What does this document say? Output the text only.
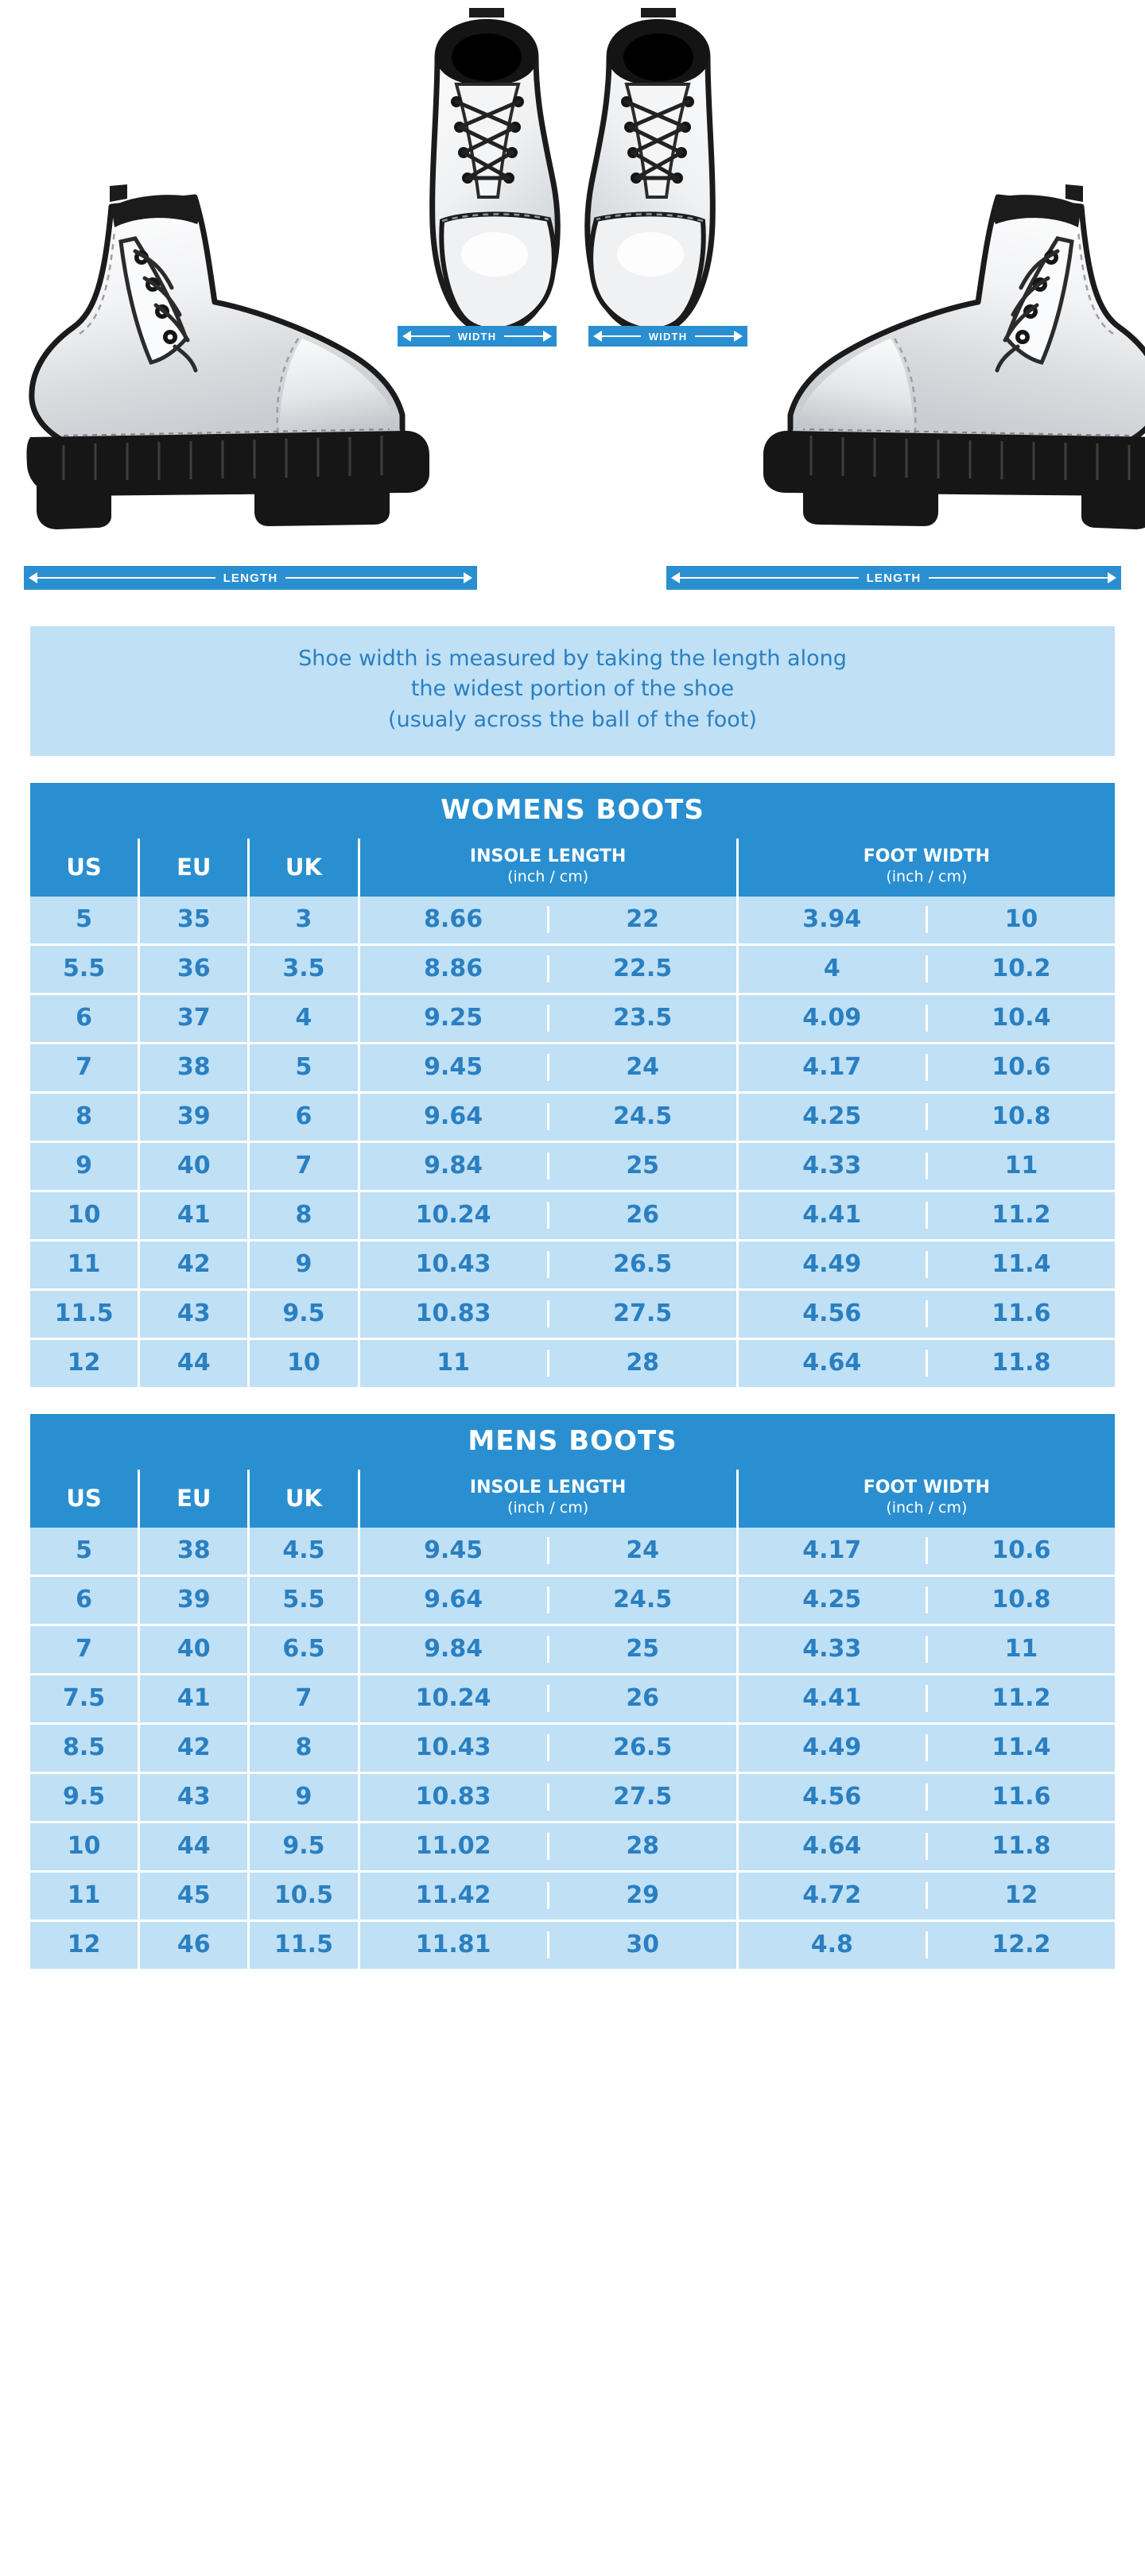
WIDTH	WIDTH
LENGTH	LENGTH
Shoe width is measured by taking the length along
the widest portion of the shoe
(usualy across the ball of the foot)
WOMENS BOOTS
US	EU	UK	INSOLE LENGTH
(inch / cm)	FOOT WIDTH
(inch / cm)

5	35	3	8.66 22	3.94 10

5.5	36	3.5	8.86 22.5	4 10.2

6	37	4	9.25 23.5	4.09 10.4

7	38	5	9.45 24	4.17 10.6

8	39	6	9.64 24.5	4.25 10.8

9	40	7	9.84 25	4.33 11

10	41	8	10.24 26	4.41 11.2

11	42	9	10.43 26.5	4.49 11.4

11.5	43	9.5	10.83 27.5	4.56 11.6

12	44	10	11 28	4.64 11.8
MENS BOOTS
US	EU	UK	INSOLE LENGTH
(inch / cm)	FOOT WIDTH
(inch / cm)

5	38	4.5	9.45 24	4.17 10.6

6	39	5.5	9.64 24.5	4.25 10.8

7	40	6.5	9.84 25	4.33 11

7.5	41	7	10.24 26	4.41 11.2

8.5	42	8	10.43 26.5	4.49 11.4

9.5	43	9	10.83 27.5	4.56 11.6

10	44	9.5	11.02 28	4.64 11.8

11	45	10.5	11.42 29	4.72 12

12	46	11.5	11.81 30	4.8 12.2
